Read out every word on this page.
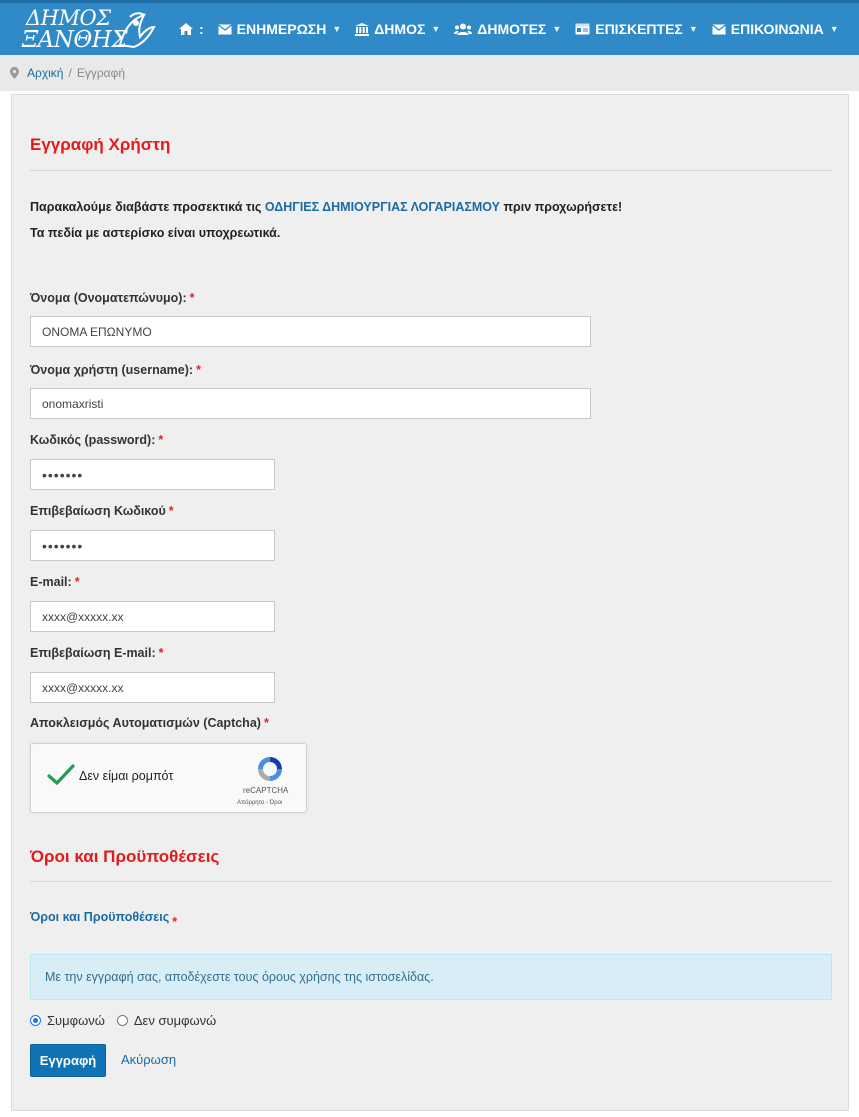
ΔΗΜΟΣ
ΞΑΝΘΗΣ	: ΕΝΗΜΕΡΩΣΗ ▼ ΔΗΜΟΣ ▼	ΔΗΜΟΤΕΣ ▼ ΕΠΙΣΚΕΠΤΕΣ ▼ ΕΠΙΚΟΙΝΩΝΙΑ ▼
Αρχική / Εγγραφή
Εγγραφή Χρήστη
Παρακαλούμε διαβάστε προσεκτικά τις ΟΔΗΓΙΕΣ ΔΗΜΙΟΥΡΓΙΑΣ ΛΟΓΑΡΙΑΣΜΟΥ πριν προχωρήσετε!
Τα πεδία με αστερίσκο είναι υποχρεωτικά.
Όνομα (Ονοματεπώνυμο): *
ΟΝΟΜΑ ΕΠΩΝΥΜΟ
Όνομα χρήστη (username): *
onomaxristi
Κωδικός (password): *
•••••••
Επιβεβαίωση Κωδικού *
•••••••
E-mail: *
xxxx@xxxxx.xx
Επιβεβαίωση E-mail: *
xxxx@xxxxx.xx
Αποκλεισμός Αυτοματισμών (Captcha) *
Δεν είμαι ρομπότ
reCAPTCHA
Απόρρητο - Όροι
Όροι και Προϋποθέσεις
Όροι και Προϋποθέσεις *
Με την εγγραφή σας, αποδέχεστε τους όρους χρήσης της ιστοσελίδας.
Συμφωνώ Δεν συμφωνώ
Εγγραφή	Ακύρωση
